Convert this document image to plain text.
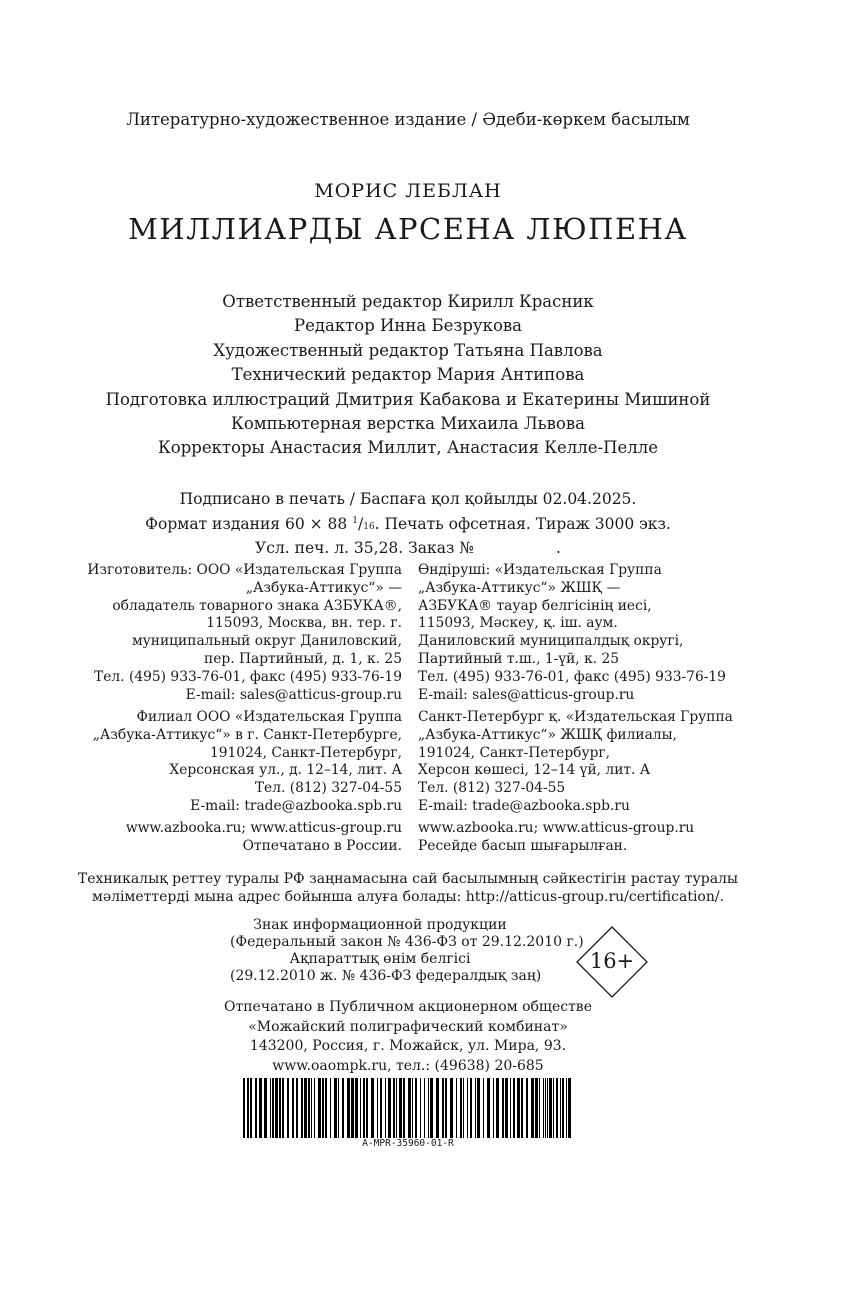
Литературно-художественное издание / Әдеби-көркем басылым
МОРИС ЛЕБЛАН
МИЛЛИАРДЫ АРСЕНА ЛЮПЕНА
Ответственный редактор Кирилл Красник
Редактор Инна Безрукова
Художественный редактор Татьяна Павлова
Технический редактор Мария Антипова
Подготовка иллюстраций Дмитрия Кабакова и Екатерины Мишиной
Компьютерная верстка Михаила Львова
Корректоры Анастасия Миллит, Анастасия Келле-Пелле
Подписано в печать / Баспаға қол қойылды 02.04.2025.
Формат издания 60 × 88 $^1$/16. Печать офсетная. Тираж 3000 экз.
Усл. печ. л. 35,28. Заказ №	.
Изготовитель: ООО «Издательская Группа
„Азбука-Аттикус“» —
обладатель товарного знака АЗБУКА®,
115093, Москва, вн. тер. г.
муниципальный округ Даниловский,
пер. Партийный, д. 1, к. 25
Тел. (495) 933-76-01, факс (495) 933-76-19
E-mail: sales@atticus-group.ru
Өндіруші: «Издательская Группа
„Азбука-Аттикус“» ЖШҚ —
АЗБУКА® тауар белгісінің иесі,
115093, Мәскеу, қ. іш. аум.
Даниловский муниципалдық округі,
Партийный т.ш., 1-үй, к. 25
Тел. (495) 933-76-01, факс (495) 933-76-19
E-mail: sales@atticus-group.ru
Филиал ООО «Издательская Группа
„Азбука-Аттикус“» в г. Санкт-Петербурге,
191024, Санкт-Петербург,
Херсонская ул., д. 12–14, лит. А
Тел. (812) 327-04-55
E-mail: trade@azbooka.spb.ru
Санкт-Петербург қ. «Издательская Группа
„Азбука-Аттикус“» ЖШҚ филиалы,
191024, Санкт-Петербург,
Херсон көшесі, 12–14 үй, лит. А
Тел. (812) 327-04-55
E-mail: trade@azbooka.spb.ru
www.azbooka.ru; www.atticus-group.ru
Отпечатано в России.
www.azbooka.ru; www.atticus-group.ru
Ресейде басып шығарылған.
Техникалық реттеу туралы РФ заңнамасына сай басылымның сәйкестігін растау туралы
мәліметтерді мына адрес бойынша алуға болады: http://atticus-group.ru/certification/.
Знак информационной продукции
(Федеральный закон № 436-ФЗ от 29.12.2010 г.)
Ақпараттық өнім белгісі
(29.12.2010 ж. № 436-ФЗ федералдық заң)
16+
Отпечатано в Публичном акционерном обществе
«Можайский полиграфический комбинат»
143200, Россия, г. Можайск, ул. Мира, 93.
www.oaompk.ru, тел.: (49638) 20-685
A-MPR-35960-01-R
